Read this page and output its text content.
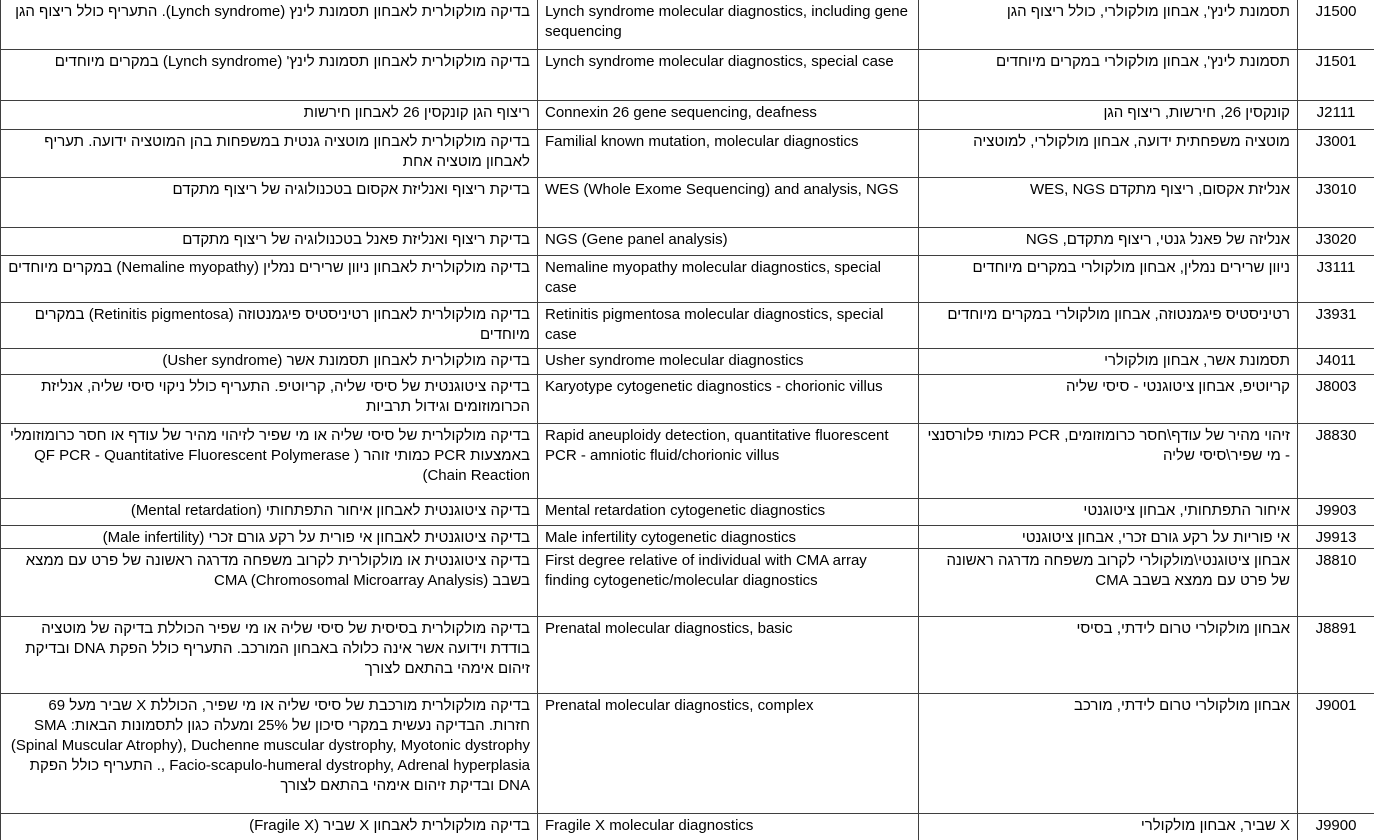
בדיקה מולקולרית לאבחון תסמונת לינץ (Lynch syndrome). התעריף כולל ריצוף הגן	Lynch syndrome molecular diagnostics, including gene sequencing	תסמונת לינץ', אבחון מולקולרי, כולל ריצוף הגן	J1500
בדיקה מולקולרית לאבחון תסמונת לינץ' (Lynch syndrome) במקרים מיוחדים	Lynch syndrome molecular diagnostics, special case	תסמונת לינץ', אבחון מולקולרי במקרים מיוחדים	J1501
ריצוף הגן קונקסין 26 לאבחון חירשות	Connexin 26 gene sequencing, deafness	קונקסין 26, חירשות, ריצוף הגן	J2111
בדיקה מולקולרית לאבחון מוטציה גנטית במשפחות בהן המוטציה ידועה. תעריף לאבחון מוטציה אחת	Familial known mutation, molecular diagnostics	מוטציה משפחתית ידועה, אבחון מולקולרי, למוטציה	J3001
בדיקת ריצוף ואנליזת אקסום בטכנולוגיה של ריצוף מתקדם	WES (Whole Exome Sequencing) and analysis, NGS	אנליזת אקסום, ריצוף מתקדם WES, NGS	J3010
בדיקת ריצוף ואנליזת פאנל בטכנולוגיה של ריצוף מתקדם	NGS (Gene panel analysis)	אנליזה של פאנל גנטי, ריצוף מתקדם, NGS	J3020
בדיקה מולקולרית לאבחון ניוון שרירים נמלין (Nemaline myopathy) במקרים מיוחדים	Nemaline myopathy molecular diagnostics, special case	ניוון שרירים נמלין, אבחון מולקולרי במקרים מיוחדים	J3111
בדיקה מולקולרית לאבחון רטיניסטיס פיגמנטוזה (Retinitis pigmentosa) במקרים מיוחדים	Retinitis pigmentosa molecular diagnostics, special case	רטיניסטיס פיגמנטוזה, אבחון מולקולרי במקרים מיוחדים	J3931
בדיקה מולקולרית לאבחון תסמונת אשר (Usher syndrome)	Usher syndrome molecular diagnostics	תסמונת אשר, אבחון מולקולרי	J4011
בדיקה ציטוגנטית של סיסי שליה, קריוטיפ. התעריף כולל ניקוי סיסי שליה, אנליזת הכרומוזומים וגידול תרביות	Karyotype cytogenetic diagnostics - chorionic villus	קריוטיפ, אבחון ציטוגנטי - סיסי שליה	J8003
בדיקה מולקולרית של סיסי שליה או מי שפיר לזיהוי מהיר של עודף או חסר כרומוזומלי באמצעות PCR כמותי זוהר ( QF PCR - Quantitative Fluorescent Polymerase Chain Reaction)	Rapid aneuploidy detection, quantitative fluorescent PCR - amniotic fluid/chorionic villus	זיהוי מהיר של עודף\חסר כרומוזומים, PCR כמותי פלורסנצי - מי שפיר\סיסי שליה	J8830
בדיקה ציטוגנטית לאבחון איחור התפתחותי (Mental retardation)	Mental retardation cytogenetic diagnostics	איחור התפתחותי, אבחון ציטוגנטי	J9903
בדיקה ציטוגנטית לאבחון אי פורית על רקע גורם זכרי (Male infertility)	Male infertility cytogenetic diagnostics	אי פוריות על רקע גורם זכרי, אבחון ציטוגנטי	J9913
בדיקה ציטוגנטית או מולקולרית לקרוב משפחה מדרגה ראשונה של פרט עם ממצא בשבב CMA (Chromosomal Microarray Analysis)	First degree relative of individual with CMA array finding cytogenetic/molecular diagnostics	אבחון ציטוגנטי\מולקולרי לקרוב משפחה מדרגה ראשונה של פרט עם ממצא בשבב CMA	J8810
בדיקה מולקולרית בסיסית של סיסי שליה או מי שפיר הכוללת בדיקה של מוטציה בודדת וידועה אשר אינה כלולה באבחון המורכב. התעריף כולל הפקת DNA ובדיקת זיהום אימהי בהתאם לצורך	Prenatal molecular diagnostics, basic	אבחון מולקולרי טרום לידתי, בסיסי	J8891
בדיקה מולקולרית מורכבת של סיסי שליה או מי שפיר, הכוללת X שביר מעל 69 חזרות. הבדיקה נעשית במקרי סיכון של 25% ומעלה כגון לתסמונות הבאות: SMA (Spinal Muscular Atrophy), Duchenne muscular dystrophy, Myotonic dystrophy , Facio-scapulo-humeral dystrophy, Adrenal hyperplasia. התעריף כולל הפקת DNA ובדיקת זיהום אימהי בהתאם לצורך	Prenatal molecular diagnostics, complex	אבחון מולקולרי טרום לידתי, מורכב	J9001
בדיקה מולקולרית לאבחון X שביר (Fragile X)	Fragile X molecular diagnostics	X שביר, אבחון מולקולרי	J9900
